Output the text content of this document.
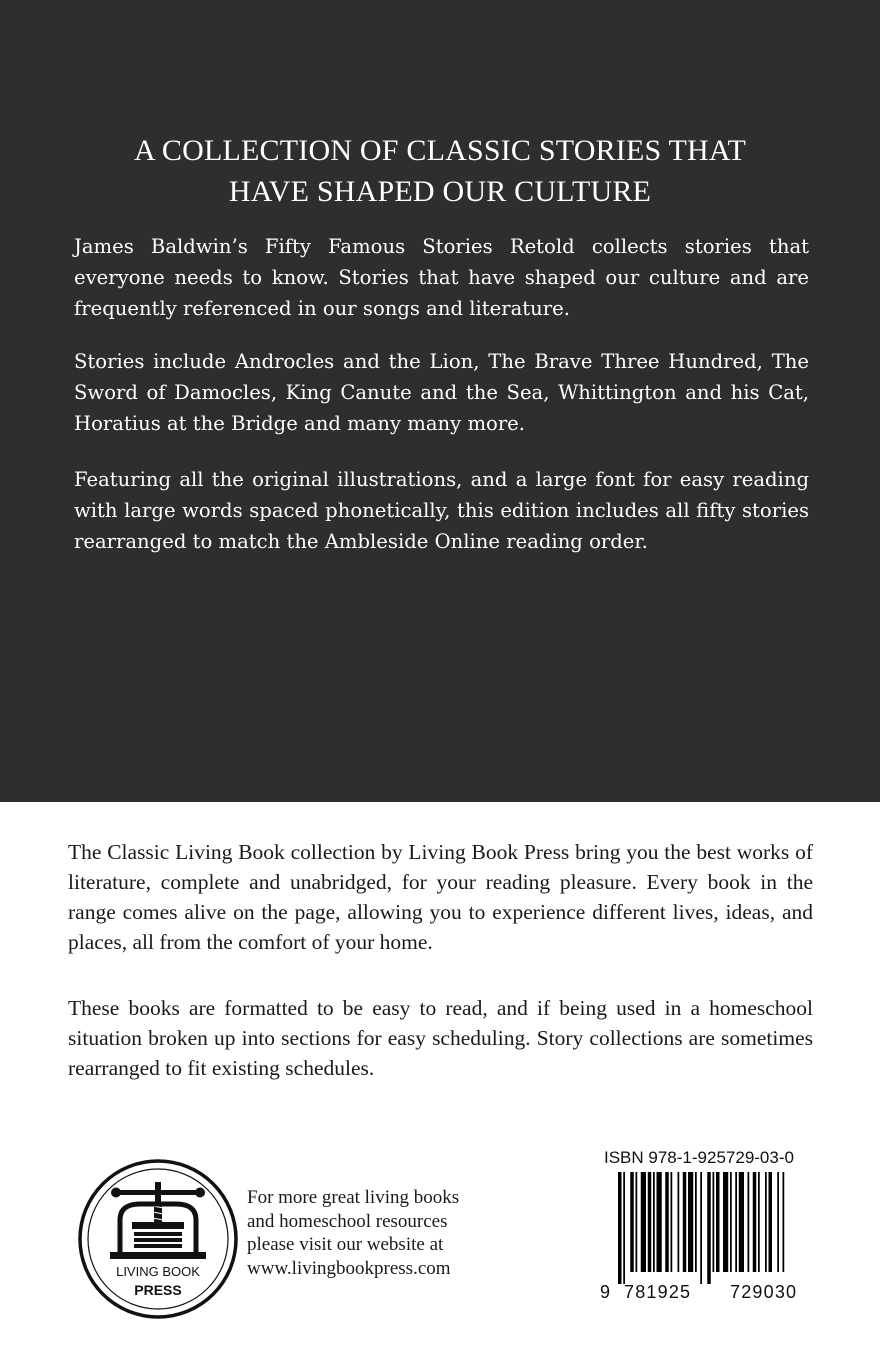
A COLLECTION OF CLASSIC STORIES THAT
HAVE SHAPED OUR CULTURE

James Baldwin’s Fifty Famous Stories Retold collects stories that everyone needs to know. Stories that have shaped our culture and are frequently referenced in our songs and literature.

Stories include Androcles and the Lion, The Brave Three Hundred, The Sword of Damocles, King Canute and the Sea, Whittington and his Cat, Horatius at the Bridge and many many more.

Featuring all the original illustrations, and a large font for easy reading with large words spaced phonetically, this edition includes all fifty stories rearranged to match the Ambleside Online reading order.

The Classic Living Book collection by Living Book Press bring you the best works of literature, complete and unabridged, for your reading pleasure. Every book in the range comes alive on the page, allowing you to experience different lives, ideas, and places, all from the comfort of your home.

These books are formatted to be easy to read, and if being used in a homeschool situation broken up into sections for easy scheduling. Story collections are sometimes rearranged to fit existing schedules.

LIVING BOOK
PRESS

For more great living books
and homeschool resources
please visit our website at
www.livingbookpress.com

ISBN 978-1-925729-03-0
9 781925 729030
